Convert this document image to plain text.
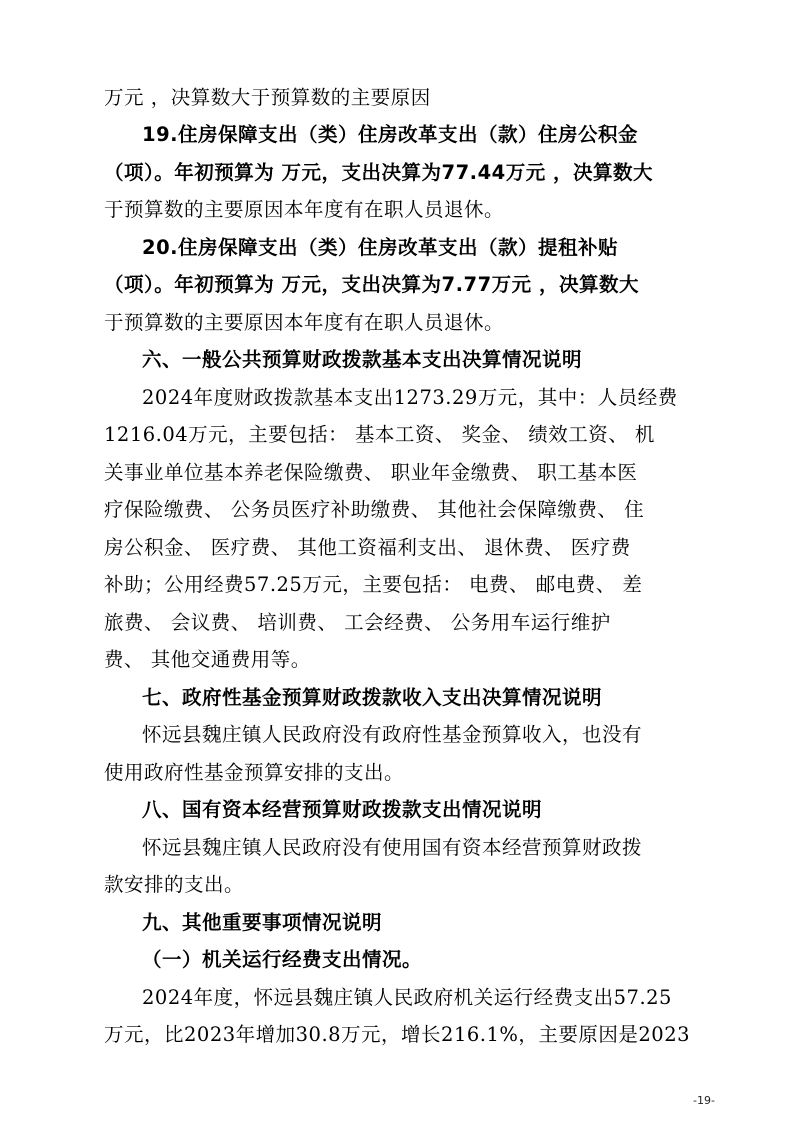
万元 ，决算数大于预算数的主要原因
19.住房保障支出（类）住房改革支出（款）住房公积金
（项）。年初预算为 万元，支出决算为77.44万元 ，决算数大
于预算数的主要原因本年度有在职人员退休。
20.住房保障支出（类）住房改革支出（款）提租补贴
（项）。年初预算为 万元，支出决算为7.77万元 ，决算数大
于预算数的主要原因本年度有在职人员退休。
六、一般公共预算财政拨款基本支出决算情况说明
2024年度财政拨款基本支出1273.29万元，其中：人员经费
1216.04万元，主要包括： 基本工资、 奖金、 绩效工资、 机
关事业单位基本养老保险缴费、 职业年金缴费、 职工基本医
疗保险缴费、 公务员医疗补助缴费、 其他社会保障缴费、 住
房公积金、 医疗费、 其他工资福利支出、 退休费、 医疗费
补助；公用经费57.25万元，主要包括： 电费、 邮电费、 差
旅费、 会议费、 培训费、 工会经费、 公务用车运行维护
费、 其他交通费用等。
七、政府性基金预算财政拨款收入支出决算情况说明
怀远县魏庄镇人民政府没有政府性基金预算收入，也没有
使用政府性基金预算安排的支出。
八、国有资本经营预算财政拨款支出情况说明
怀远县魏庄镇人民政府没有使用国有资本经营预算财政拨
款安排的支出。
九、其他重要事项情况说明
（一）机关运行经费支出情况。
2024年度，怀远县魏庄镇人民政府机关运行经费支出57.25
万元，比2023年增加30.8万元，增长216.1%，主要原因是2023
-19-
